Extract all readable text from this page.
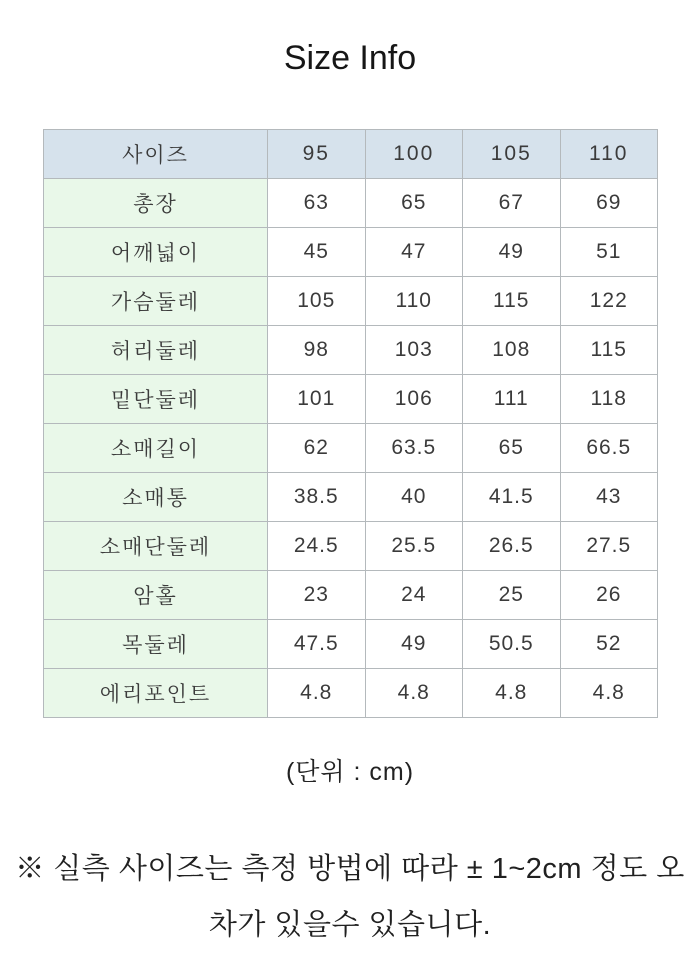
Size Info
사이즈	95	100	105	110
총장	63	65	67	69
어깨넓이	45	47	49	51
가슴둘레	105	110	115	122
허리둘레	98	103	108	115
밑단둘레	101	106	111	118
소매길이	62	63.5	65	66.5
소매통	38.5	40	41.5	43
소매단둘레	24.5	25.5	26.5	27.5
암홀	23	24	25	26
목둘레	47.5	49	50.5	52
에리포인트	4.8	4.8	4.8	4.8
(단위 : cm)
※ 실측 사이즈는 측정 방법에 따라 ± 1~2cm 정도 오
차가 있을수 있습니다.
